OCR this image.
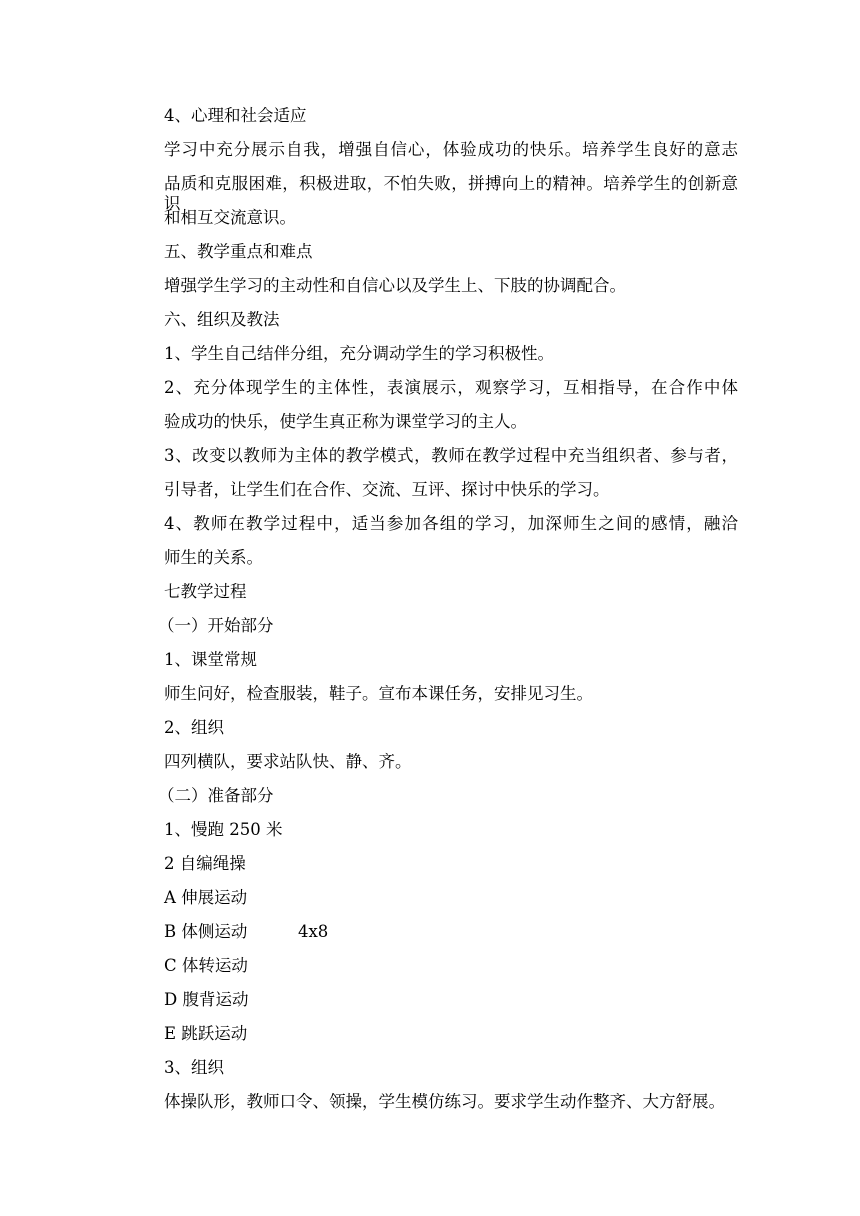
4、心理和社会适应
学习中充分展示自我，增强自信心，体验成功的快乐。培养学生良好的意志
品质和克服困难，积极进取，不怕失败，拼搏向上的精神。培养学生的创新意识
和相互交流意识。
五、教学重点和难点
增强学生学习的主动性和自信心以及学生上、下肢的协调配合。
六、组织及教法
1、学生自己结伴分组，充分调动学生的学习积极性。
2、充分体现学生的主体性，表演展示，观察学习，互相指导，在合作中体
验成功的快乐，使学生真正称为课堂学习的主人。
3、改变以教师为主体的教学模式，教师在教学过程中充当组织者、参与者，
引导者，让学生们在合作、交流、互评、探讨中快乐的学习。
4、教师在教学过程中，适当参加各组的学习，加深师生之间的感情，融洽
师生的关系。
七教学过程
（一）开始部分
1、课堂常规
师生问好，检查服装，鞋子。宣布本课任务，安排见习生。
2、组织
四列横队，要求站队快、静、齐。
（二）准备部分
1、慢跑 250 米
2 自编绳操
A 伸展运动
B 体侧运动	4x8
C 体转运动
D 腹背运动
E 跳跃运动
3、组织
体操队形，教师口令、领操，学生模仿练习。要求学生动作整齐、大方舒展。
